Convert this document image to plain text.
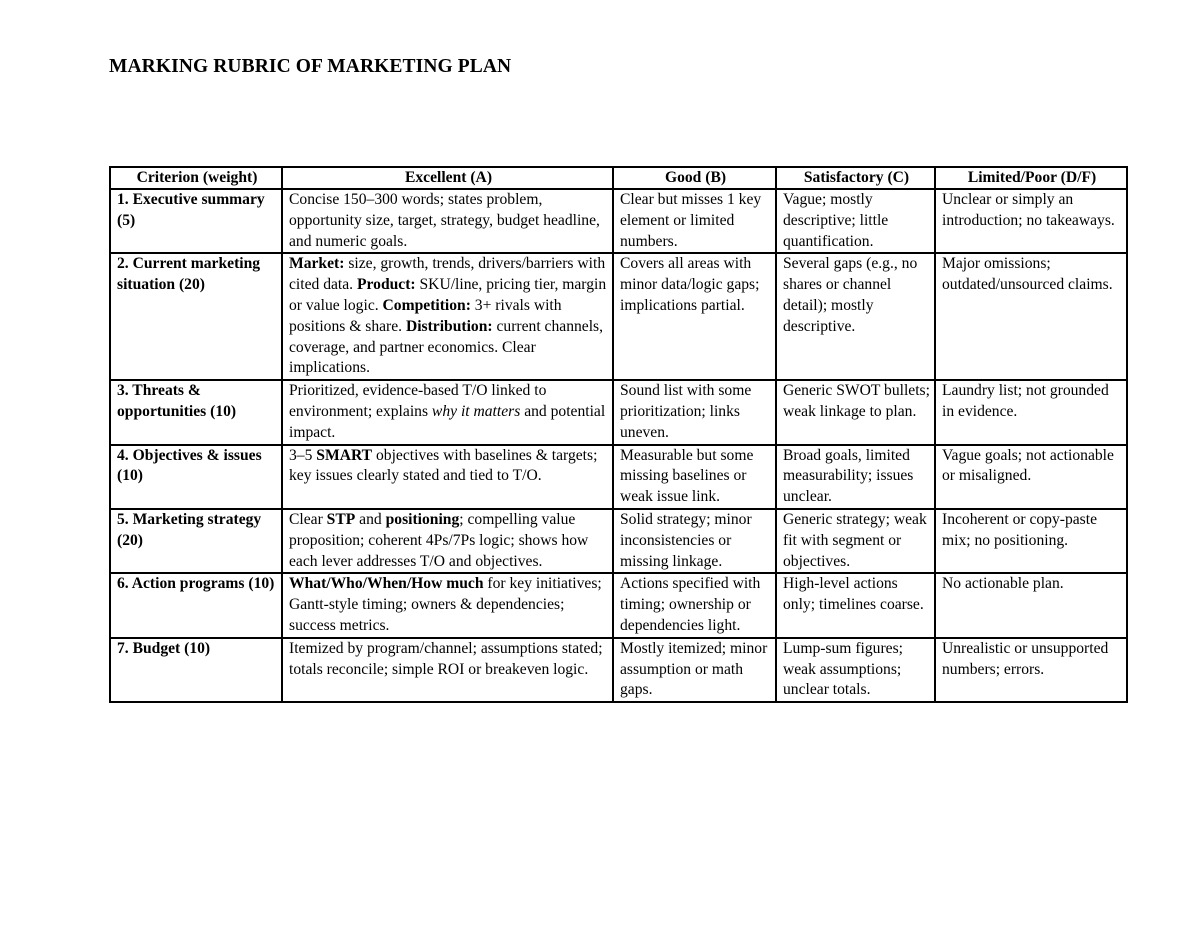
MARKING RUBRIC OF MARKETING PLAN
Criterion (weight)	Excellent (A)	Good (B)	Satisfactory (C)	Limited/Poor (D/F)
1. Executive summary (5)	Concise 150–300 words; states problem, opportunity size, target, strategy, budget headline, and numeric goals.	Clear but misses 1 key element or limited numbers.	Vague; mostly descriptive; little quantification.	Unclear or simply an introduction; no takeaways.
2. Current marketing situation (20)	Market: size, growth, trends, drivers/barriers with cited data. Product: SKU/line, pricing tier, margin or value logic. Competition: 3+ rivals with positions & share. Distribution: current channels, coverage, and partner economics. Clear implications.	Covers all areas with minor data/logic gaps; implications partial.	Several gaps (e.g., no shares or channel detail); mostly descriptive.	Major omissions; outdated/unsourced claims.
3. Threats & opportunities (10)	Prioritized, evidence-based T/O linked to environment; explains why it matters and potential impact.	Sound list with some prioritization; links uneven.	Generic SWOT bullets; weak linkage to plan.	Laundry list; not grounded in evidence.
4. Objectives & issues (10)	3–5 SMART objectives with baselines & targets; key issues clearly stated and tied to T/O.	Measurable but some missing baselines or weak issue link.	Broad goals, limited measurability; issues unclear.	Vague goals; not actionable or misaligned.
5. Marketing strategy (20)	Clear STP and positioning; compelling value proposition; coherent 4Ps/7Ps logic; shows how each lever addresses T/O and objectives.	Solid strategy; minor inconsistencies or missing linkage.	Generic strategy; weak fit with segment or objectives.	Incoherent or copy-paste mix; no positioning.
6. Action programs (10)	What/Who/When/How much for key initiatives; Gantt-style timing; owners & dependencies; success metrics.	Actions specified with timing; ownership or dependencies light.	High-level actions only; timelines coarse.	No actionable plan.
7. Budget (10)	Itemized by program/channel; assumptions stated; totals reconcile; simple ROI or breakeven logic.	Mostly itemized; minor assumption or math gaps.	Lump-sum figures; weak assumptions; unclear totals.	Unrealistic or unsupported numbers; errors.
